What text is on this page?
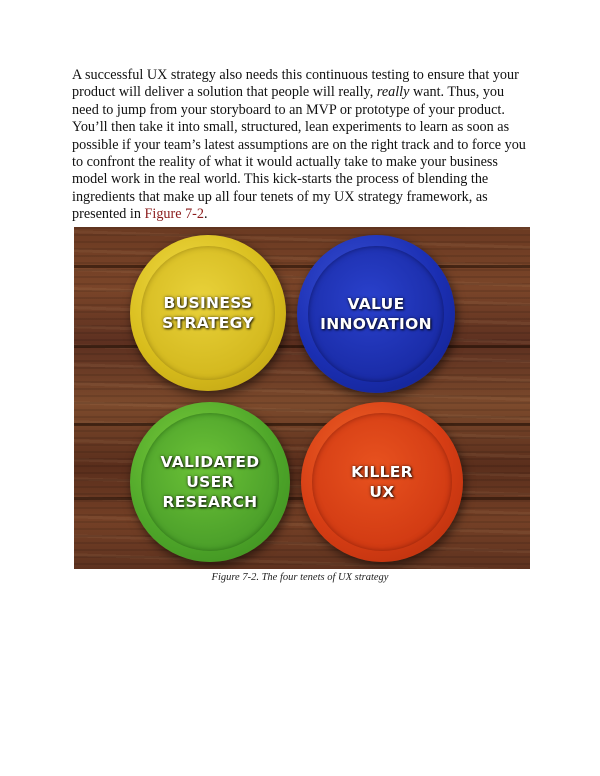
A successful UX strategy also needs this continuous testing to ensure that your
product will deliver a solution that people will really, really want. Thus, you
need to jump from your storyboard to an MVP or prototype of your product.
You’ll then take it into small, structured, lean experiments to learn as soon as
possible if your team’s latest assumptions are on the right track and to force you
to confront the reality of what it would actually take to make your business
model work in the real world. This kick-starts the process of blending the
ingredients that make up all four tenets of my UX strategy framework, as
presented in Figure 7-2.

BUSINESS
STRATEGY
VALUE
INNOVATION
VALIDATED
USER
RESEARCH
KILLER
UX
Figure 7-2. The four tenets of UX strategy
